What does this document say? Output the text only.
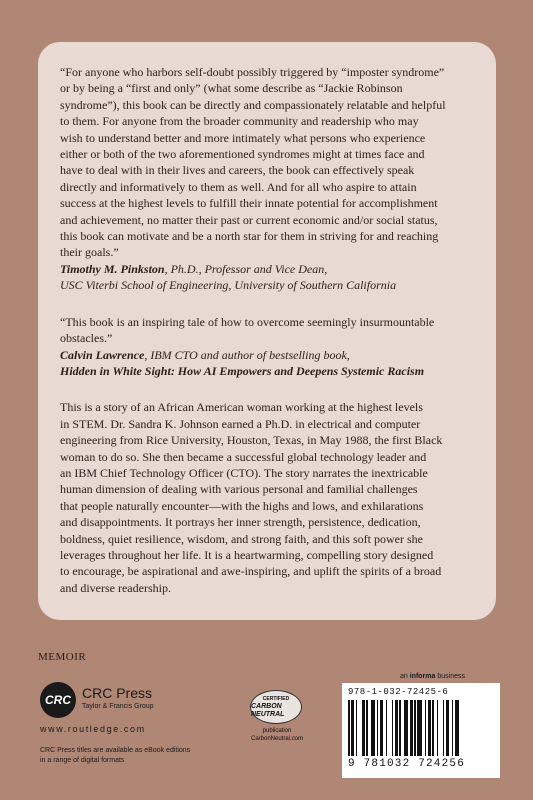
“For anyone who harbors self-doubt possibly triggered by “imposter syndrome”

or by being a “first and only” (what some describe as “Jackie Robinson

syndrome”), this book can be directly and compassionately relatable and helpful

to them. For anyone from the broader community and readership who may

wish to understand better and more intimately what persons who experience

either or both of the two aforementioned syndromes might at times face and

have to deal with in their lives and careers, the book can effectively speak

directly and informatively to them as well. And for all who aspire to attain

success at the highest levels to fulfill their innate potential for accomplishment

and achievement, no matter their past or current economic and/or social status,

this book can motivate and be a north star for them in striving for and reaching

their goals.”

Timothy M. Pinkston, Ph.D., Professor and Vice Dean,

USC Viterbi School of Engineering, University of Southern California

“This book is an inspiring tale of how to overcome seemingly insurmountable

obstacles.”

Calvin Lawrence, IBM CTO and author of bestselling book,

Hidden in White Sight: How AI Empowers and Deepens Systemic Racism

This is a story of an African American woman working at the highest levels

in STEM. Dr. Sandra K. Johnson earned a Ph.D. in electrical and computer

engineering from Rice University, Houston, Texas, in May 1988, the first Black

woman to do so. She then became a successful global technology leader and

an IBM Chief Technology Officer (CTO). The story narrates the inextricable

human dimension of dealing with various personal and familial challenges

that people naturally encounter—with the highs and lows, and exhilarations

and disappointments. It portrays her inner strength, persistence, dedication,

boldness, quiet resilience, wisdom, and strong faith, and this soft power she

leverages throughout her life. It is a heartwarming, compelling story designed

to encourage, be aspirational and awe-inspiring, and uplift the spirits of a broad

and diverse readership.

MEMOIR
CRC CRC Press
Taylor & Francis Group
www.routledge.com
CRC Press titles are available as eBook editions
in a range of digital formats
CERTIFIED
CARBON NEUTRAL
publication
CarbonNeutral.com
an informa business
978-1-032-72425-6
9 781032 724256
